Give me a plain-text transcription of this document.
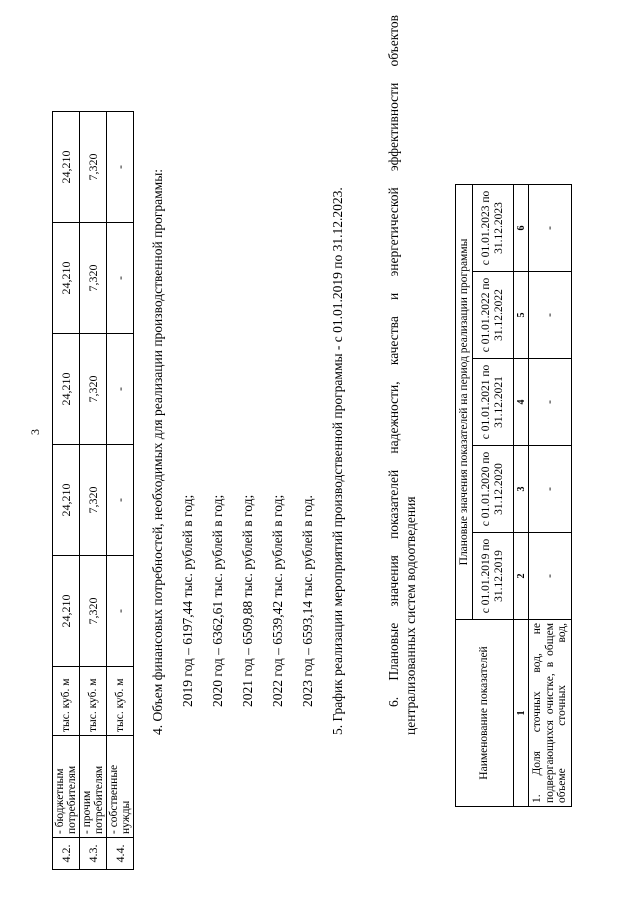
3
4.2.	- бюджетным потребителям	тыс. куб. м	24,210	24,210	24,210	24,210	24,210
4.3.	- прочим потребителям	тыс. куб. м	7,320	7,320	7,320	7,320	7,320
4.4.	- собственные нужды	тыс. куб. м	-	-	-	-	-
4. Объем финансовых потребностей, необходимых для реализации производственной программы: 2019 год – 6197,44 тыс. рублей в год; 2020 год – 6362,61 тыс. рублей в год; 2021 год – 6509,88 тыс. рублей в год; 2022 год – 6539,42 тыс. рублей в год; 2023 год – 6593,14 тыс. рублей в год. 5. График реализации мероприятий производственной программы - с 01.01.2019 по 31.12.2023.	6. Плановые значения показателей надежности, качества и энергетической эффективности объектов централизованных систем водоотведения	Наименование показателей	Плановые значения показателей на период реализации программы				
	с 01.01.2019 по 31.12.2019	с 01.01.2020 по 31.12.2020	с 01.01.2021 по 31.12.2021	с 01.01.2022 по 31.12.2022	с 01.01.2023 по 31.12.2023
1	2	3	4	5	6
1. Доля сточных вод, не подвергающихся очистке, в общем объеме сточных вод,	-	-	-	-	-
